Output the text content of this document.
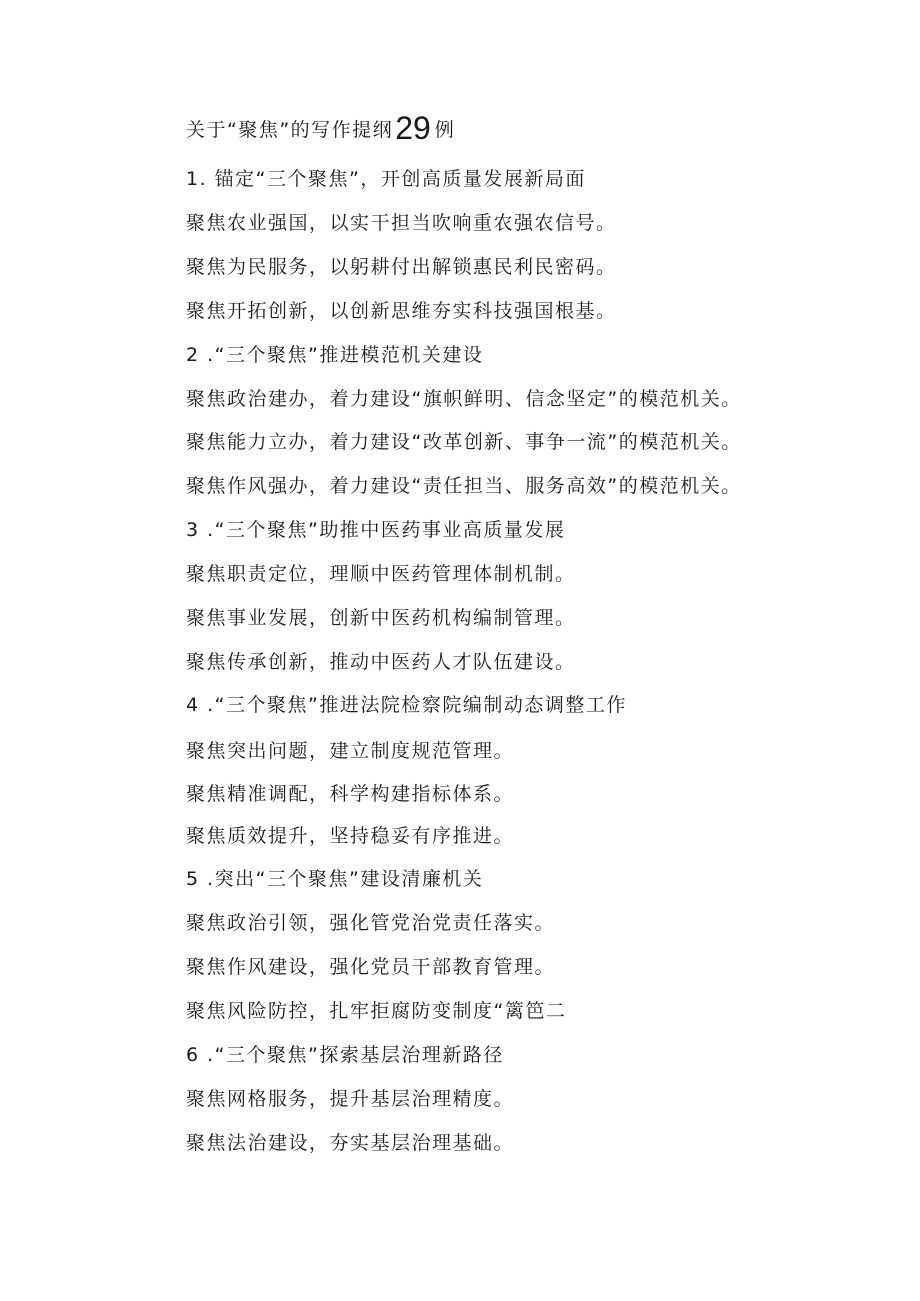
关于“聚焦”的写作提纲29 例
1. 锚定“三个聚焦”，开创高质量发展新局面
聚焦农业强国，以实干担当吹响重农强农信号。
聚焦为民服务，以躬耕付出解锁惠民利民密码。
聚焦开拓创新，以创新思维夯实科技强国根基。
2 .“三个聚焦”推进模范机关建设
聚焦政治建办，着力建设“旗帜鲜明、信念坚定”的模范机关。
聚焦能力立办，着力建设“改革创新、事争一流”的模范机关。
聚焦作风强办，着力建设“责任担当、服务高效”的模范机关。
3 .“三个聚焦”助推中医药事业高质量发展
聚焦职责定位，理顺中医药管理体制机制。
聚焦事业发展，创新中医药机构编制管理。
聚焦传承创新，推动中医药人才队伍建设。
4 .“三个聚焦”推进法院检察院编制动态调整工作
聚焦突出问题，建立制度规范管理。
聚焦精准调配，科学构建指标体系。
聚焦质效提升，坚持稳妥有序推进。
5 .突出“三个聚焦”建设清廉机关
聚焦政治引领，强化管党治党责任落实。
聚焦作风建设，强化党员干部教育管理。
聚焦风险防控，扎牢拒腐防变制度“篱笆二
6 .“三个聚焦”探索基层治理新路径
聚焦网格服务，提升基层治理精度。
聚焦法治建设，夯实基层治理基础。
